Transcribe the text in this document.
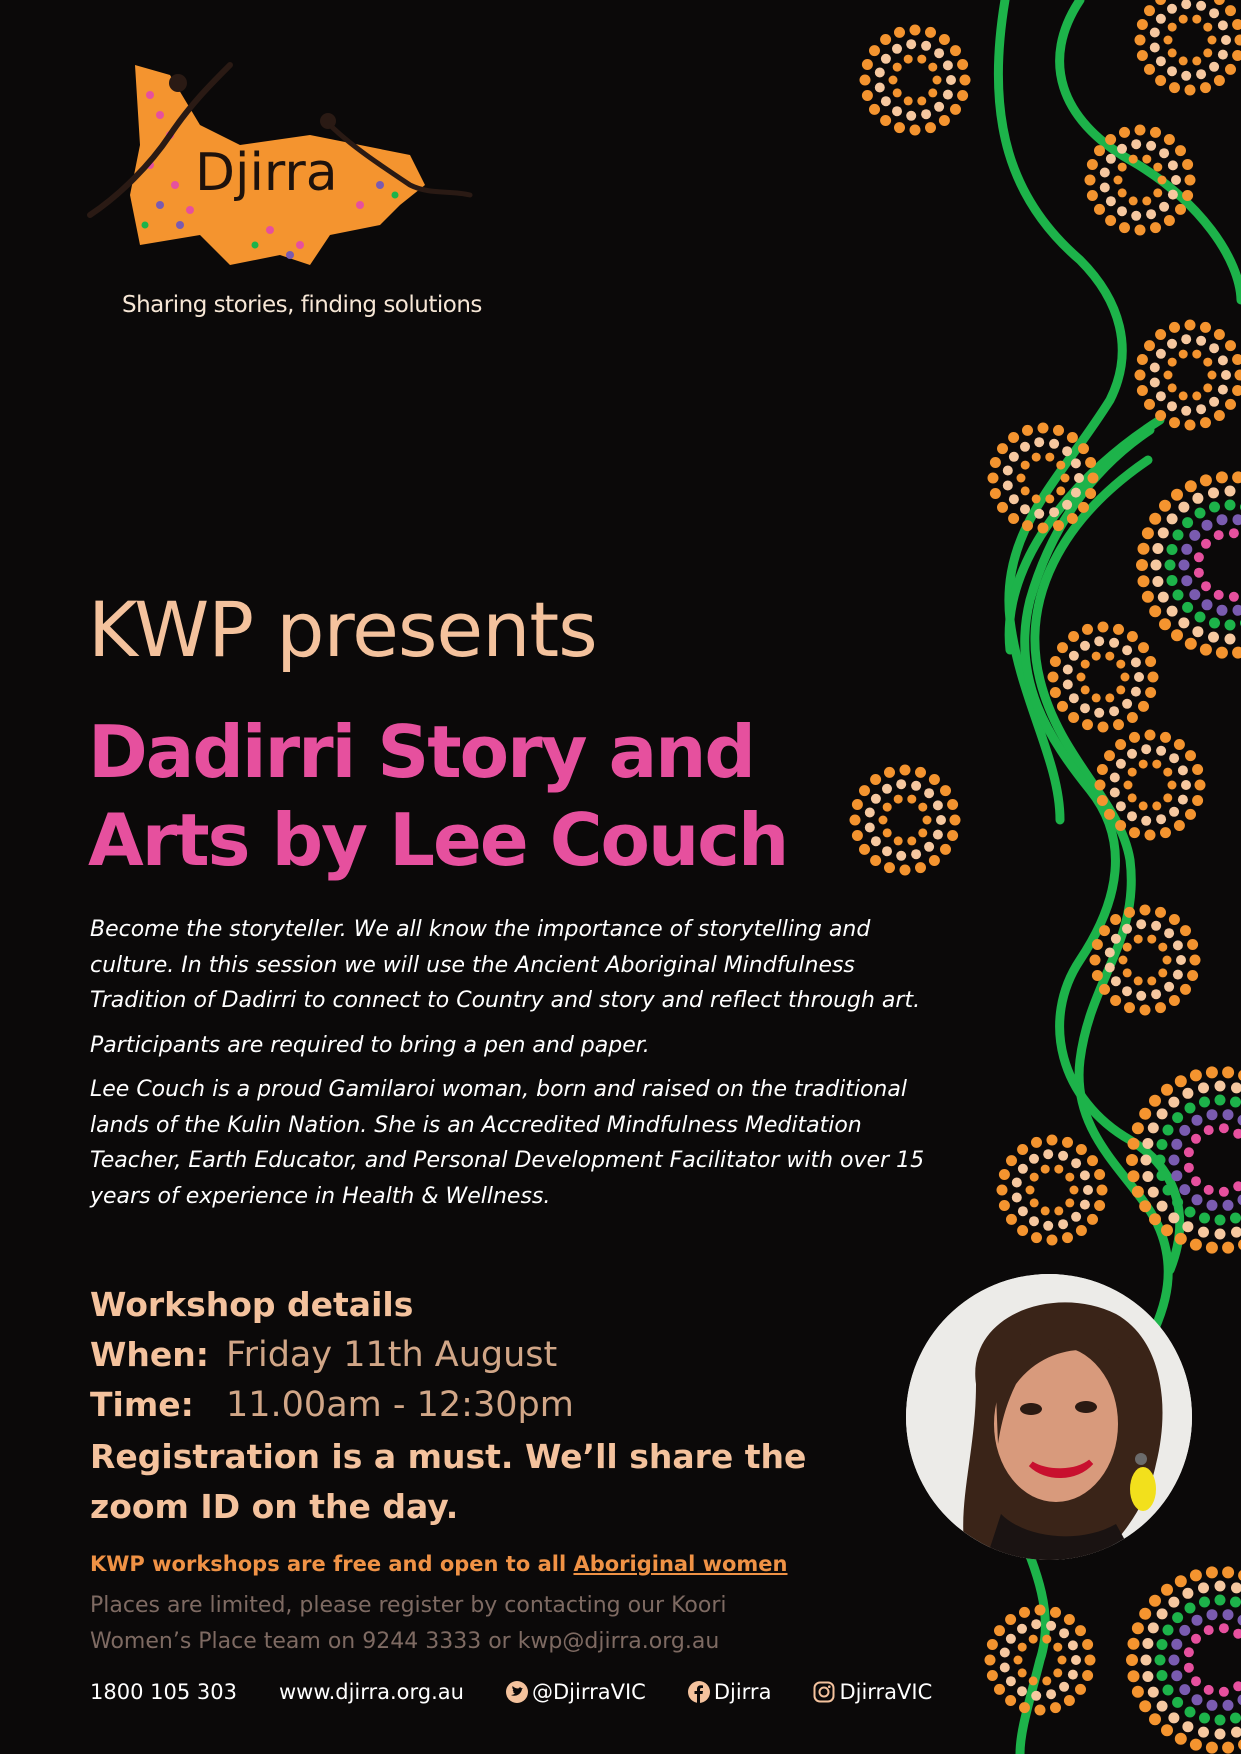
Djirra
Sharing stories, finding solutions
KWP presents
Dadirri Story and
Arts by Lee Couch

Become the storyteller. We all know the importance of storytelling and culture. In this session we will use the Ancient Aboriginal Mindfulness Tradition of Dadirri to connect to Country and story and reflect through art.

Participants are required to bring a pen and paper.

Lee Couch is a proud Gamilaroi woman, born and raised on the traditional lands of the Kulin Nation. She is an Accredited Mindfulness Meditation Teacher, Earth Educator, and Personal Development Facilitator with over 15 years of experience in Health & Wellness.

Workshop details
When: Friday 11th August
Time: 11.00am - 12:30pm
Registration is a must. We’ll share the
zoom ID on the day.
KWP workshops are free and open to all Aboriginal women
Places are limited, please register by contacting our Koori
Women’s Place team on 9244 3333 or kwp@djirra.org.au
1800 105 303 www.djirra.org.au	@DjirraVIC	Djirra	DjirraVIC
